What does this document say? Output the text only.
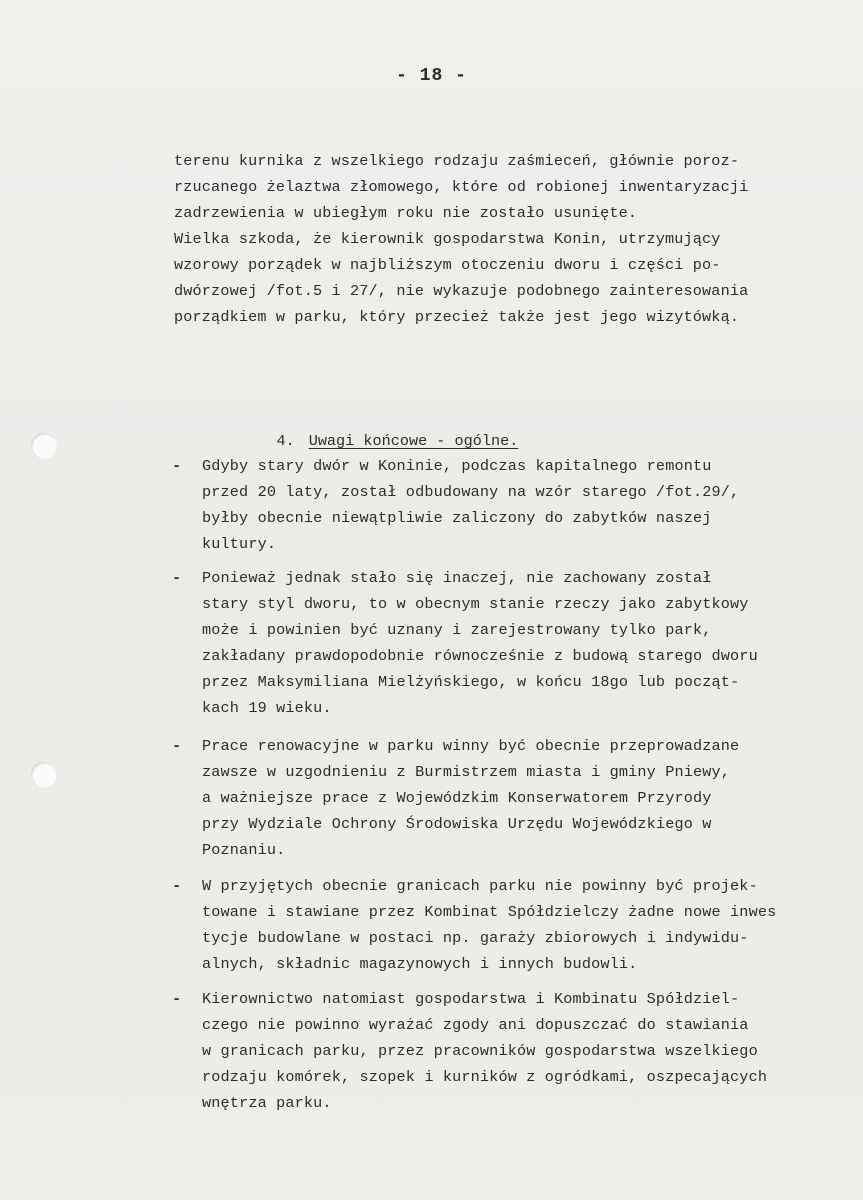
- 18 -
terenu kurnika z wszelkiego rodzaju zaśmieceń, głównie poroz-
rzucanego żelaztwa złomowego, które od robionej inwentaryzacji
zadrzewienia w ubiegłym roku nie zostało usunięte.
Wielka szkoda, że kierownik gospodarstwa Konin, utrzymujący
wzorowy porządek w najbliższym otoczeniu dworu i części po-
dwórzowej /fot.5 i 27/, nie wykazuje podobnego zainteresowania
porządkiem w parku, który przecież także jest jego wizytówką.

4. Uwagi końcowe - ogólne.

- Gdyby stary dwór w Koninie, podczas kapitalnego remontu
przed 20 laty, został odbudowany na wzór starego /fot.29/,
byłby obecnie niewątpliwie zaliczony do zabytków naszej
kultury.
- Ponieważ jednak stało się inaczej, nie zachowany został
stary styl dworu, to w obecnym stanie rzeczy jako zabytkowy
może i powinien być uznany i zarejestrowany tylko park,
zakładany prawdopodobnie równocześnie z budową starego dworu
przez Maksymiliana Mielżyńskiego, w końcu 18go lub począt-
kach 19 wieku.
- Prace renowacyjne w parku winny być obecnie przeprowadzane
zawsze w uzgodnieniu z Burmistrzem miasta i gminy Pniewy,
a ważniejsze prace z Wojewódzkim Konserwatorem Przyrody
przy Wydziale Ochrony Środowiska Urzędu Wojewódzkiego w
Poznaniu.
- W przyjętych obecnie granicach parku nie powinny być projek-
towane i stawiane przez Kombinat Spółdzielczy żadne nowe inwes
tycje budowlane w postaci np. garaży zbiorowych i indywidu-
alnych, składnic magazynowych i innych budowli.
- Kierownictwo natomiast gospodarstwa i Kombinatu Spółdziel-
czego nie powinno wyrażać zgody ani dopuszczać do stawiania
w granicach parku, przez pracowników gospodarstwa wszelkiego
rodzaju komórek, szopek i kurników z ogródkami, oszpecających
wnętrza parku.
